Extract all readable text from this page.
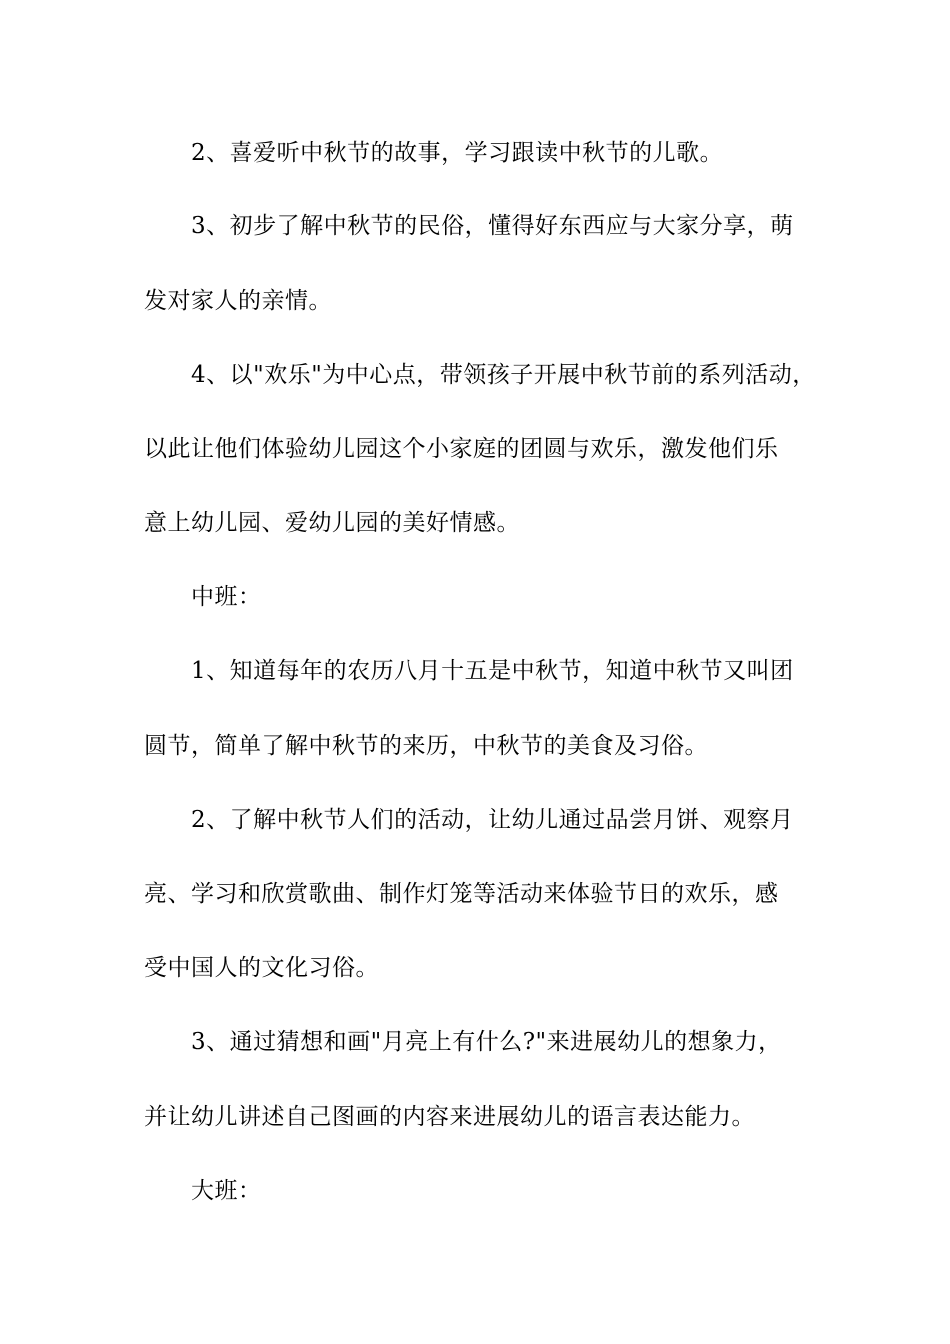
2、喜爱听中秋节的故事，学习跟读中秋节的儿歌。
3、初步了解中秋节的民俗，懂得好东西应与大家分享，萌
发对家人的亲情。
4、以"欢乐"为中心点，带领孩子开展中秋节前的系列活动，
以此让他们体验幼儿园这个小家庭的团圆与欢乐，激发他们乐
意上幼儿园、爱幼儿园的美好情感。
中班：
1、知道每年的农历八月十五是中秋节，知道中秋节又叫团
圆节，简单了解中秋节的来历，中秋节的美食及习俗。
2、了解中秋节人们的活动，让幼儿通过品尝月饼、观察月
亮、学习和欣赏歌曲、制作灯笼等活动来体验节日的欢乐，感
受中国人的文化习俗。
3、通过猜想和画"月亮上有什么?"来进展幼儿的想象力，
并让幼儿讲述自己图画的内容来进展幼儿的语言表达能力。
大班：
